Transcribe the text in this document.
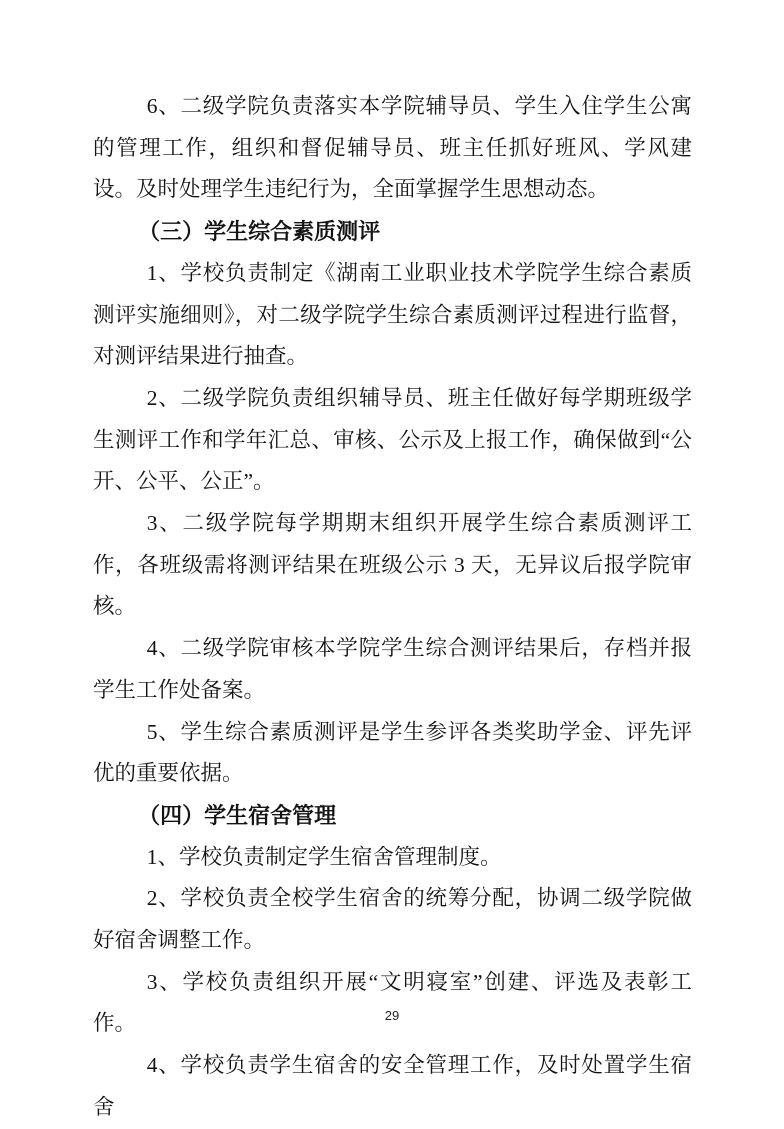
6、二级学院负责落实本学院辅导员、学生入住学生公寓的管理工作，组织和督促辅导员、班主任抓好班风、学风建设。及时处理学生违纪行为，全面掌握学生思想动态。

（三）学生综合素质测评

1、学校负责制定《湖南工业职业技术学院学生综合素质测评实施细则》，对二级学院学生综合素质测评过程进行监督，对测评结果进行抽查。

2、二级学院负责组织辅导员、班主任做好每学期班级学生测评工作和学年汇总、审核、公示及上报工作，确保做到“公开、公平、公正”。

3、二级学院每学期期末组织开展学生综合素质测评工作，各班级需将测评结果在班级公示 3 天，无异议后报学院审核。

4、二级学院审核本学院学生综合测评结果后，存档并报学生工作处备案。

5、学生综合素质测评是学生参评各类奖助学金、评先评优的重要依据。

（四）学生宿舍管理

1、学校负责制定学生宿舍管理制度。

2、学校负责全校学生宿舍的统筹分配，协调二级学院做好宿舍调整工作。

3、学校负责组织开展“文明寝室”创建、评选及表彰工作。

4、学校负责学生宿舍的安全管理工作，及时处置学生宿舍

29
